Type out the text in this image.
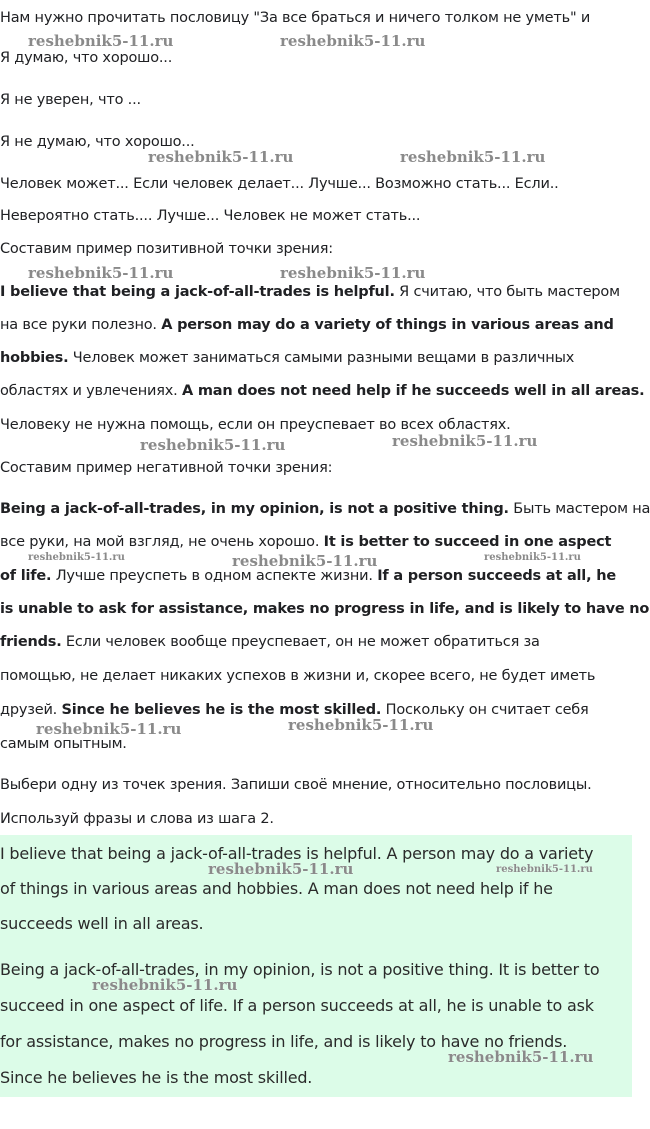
Нам нужно прочитать пословицу "За все браться и ничего толком не уметь" и
Я думаю, что хорошо...
Я не уверен, что ...
Я не думаю, что хорошо...
Человек может... Если человек делает... Лучше... Возможно стать... Если..
Невероятно стать.... Лучше... Человек не может стать...
Составим пример позитивной точки зрения:
I believe that being a jack-of-all-trades is helpful. Я считаю, что быть мастером
на все руки полезно. A person may do a variety of things in various areas and
hobbies. Человек может заниматься самыми разными вещами в различных
областях и увлечениях. A man does not need help if he succeeds well in all areas.
Человеку не нужна помощь, если он преуспевает во всех областях.
Составим пример негативной точки зрения:
Being a jack-of-all-trades, in my opinion, is not a positive thing. Быть мастером на
все руки, на мой взгляд, не очень хорошо. It is better to succeed in one aspect
of life. Лучше преуспеть в одном аспекте жизни. If a person succeeds at all, he
is unable to ask for assistance, makes no progress in life, and is likely to have no
friends. Если человек вообще преуспевает, он не может обратиться за
помощью, не делает никаких успехов в жизни и, скорее всего, не будет иметь
друзей. Since he believes he is the most skilled. Поскольку он считает себя
самым опытным.
Выбери одну из точек зрения. Запиши своё мнение, относительно пословицы.
Используй фразы и слова из шага 2.
I believe that being a jack-of-all-trades is helpful. A person may do a variety
of things in various areas and hobbies. A man does not need help if he
succeeds well in all areas.
Being a jack-of-all-trades, in my opinion, is not a positive thing. It is better to
succeed in one aspect of life. If a person succeeds at all, he is unable to ask
for assistance, makes no progress in life, and is likely to have no friends.
Since he believes he is the most skilled.
reshebnik5-11.ru	reshebnik5-11.ru
reshebnik5-11.ru	reshebnik5-11.ru
reshebnik5-11.ru	reshebnik5-11.ru
reshebnik5-11.ru	reshebnik5-11.ru
reshebnik5-11.ru	reshebnik5-11.ru	reshebnik5-11.ru
reshebnik5-11.ru	reshebnik5-11.ru
reshebnik5-11.ru	reshebnik5-11.ru
reshebnik5-11.ru
reshebnik5-11.ru
